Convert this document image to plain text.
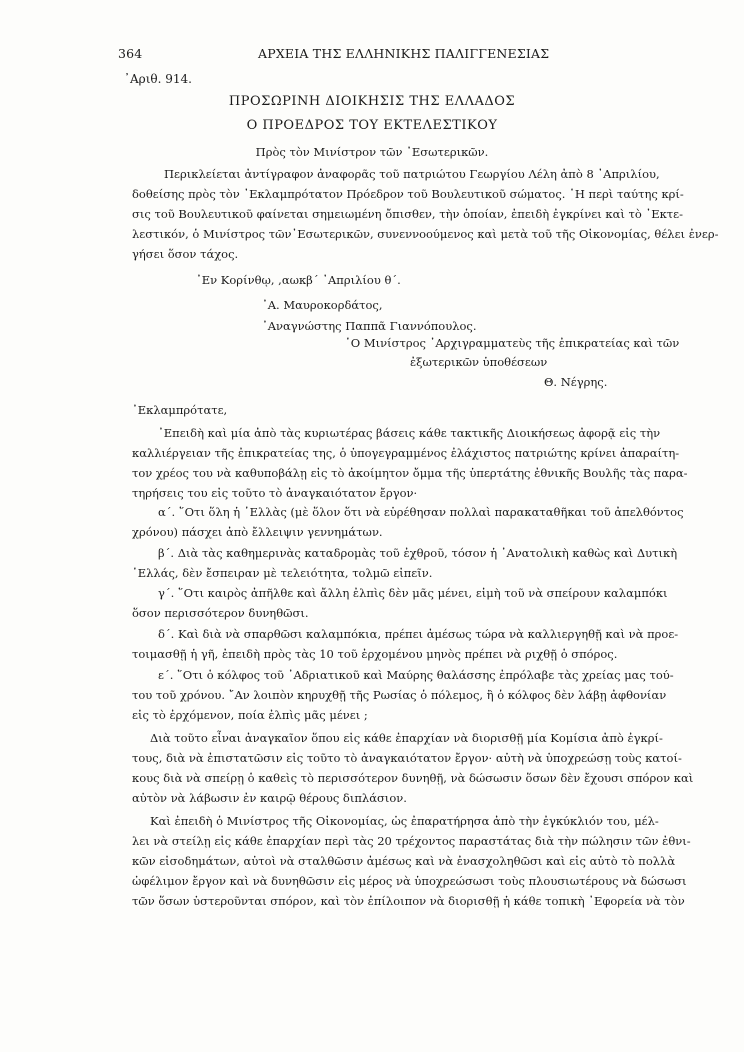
364	ΑΡΧΕΙΑ ΤΗΣ ΕΛΛΗΝΙΚΗΣ ΠΑΛΙΓΓΕΝΕΣΙΑΣ
᾿Αριθ. 914.
ΠΡΟΣΩΡΙΝΗ ΔΙΟΙΚΗΣΙΣ ΤΗΣ ΕΛΛΑΔΟΣ
Ο ΠΡΟΕΔΡΟΣ ΤΟΥ ΕΚΤΕΛΕΣΤΙΚΟΥ
Πρὸς τὸν Μινίστρον τῶν ᾿Εσωτερικῶν.
Περικλείεται ἀντίγραφον ἀναφορᾶς τοῦ πατριώτου Γεωργίου Λέλη ἀπὸ 8 ᾿Απριλίου,
δοθείσης πρὸς τὸν ᾿Εκλαμπρότατον Πρόεδρον τοῦ Βουλευτικοῦ σώματος. ῾Η περὶ ταύτης κρί-
σις τοῦ Βουλευτικοῦ φαίνεται σημειωμένη ὄπισθεν, τὴν ὁποίαν, ἐπειδὴ ἐγκρίνει καὶ τὸ ᾿Εκτε-
λεστικόν, ὁ Μινίστρος τῶν᾿Εσωτερικῶν, συνεννοούμενος καὶ μετὰ τοῦ τῆς Οἰκονομίας, θέλει ἐνερ-
γήσει ὅσον τάχος.
᾿Εν Κορίνθῳ, ,αωκβ´ ᾿Απριλίου θ´.
᾿Α. Μαυροκορδάτος,
᾿Αναγνώστης Παππᾶ Γιαννόπουλος.
῾Ο Μινίστρος ᾿Αρχιγραμματεὺς τῆς ἐπικρατείας καὶ τῶν
ἐξωτερικῶν ὑποθέσεων
Θ. Νέγρης.
᾿Εκλαμπρότατε,
᾿Επειδὴ καὶ μία ἀπὸ τὰς κυριωτέρας βάσεις κάθε τακτικῆς Διοικήσεως ἀφορᾷ εἰς τὴν
καλλιέργειαν τῆς ἐπικρατείας της, ὁ ὑπογεγραμμένος ἐλάχιστος πατριώτης κρίνει ἀπαραίτη-
τον χρέος του νὰ καθυποβάλῃ εἰς τὸ ἀκοίμητον ὄμμα τῆς ὑπερτάτης ἐθνικῆς Βουλῆς τὰς παρα-
τηρήσεις του εἰς τοῦτο τὸ ἀναγκαιότατον ἔργον·
α´. ῞Οτι ὅλη ἡ ῾Ελλὰς (μὲ ὅλον ὅτι νὰ εὑρέθησαν πολλαὶ παρακαταθῆκαι τοῦ ἀπελθόντος
χρόνου) πάσχει ἀπὸ ἔλλειψιν γεννημάτων.
β´. Διὰ τὰς καθημερινὰς καταδρομὰς τοῦ ἐχθροῦ, τόσον ἡ ᾿Ανατολικὴ καθὼς καὶ Δυτικὴ
῾Ελλάς, δὲν ἔσπειραν μὲ τελειότητα, τολμῶ εἰπεῖν.
γ´. ῞Οτι καιρὸς ἀπῆλθε καὶ ἄλλη ἐλπὶς δὲν μᾶς μένει, εἰμὴ τοῦ νὰ σπείρουν καλαμπόκι
ὅσον περισσότερον δυνηθῶσι.
δ´. Καὶ διὰ νὰ σπαρθῶσι καλαμπόκια, πρέπει ἀμέσως τώρα νὰ καλλιεργηθῇ καὶ νὰ προε-
τοιμασθῇ ἡ γῆ, ἐπειδὴ πρὸς τὰς 10 τοῦ ἐρχομένου μηνὸς πρέπει νὰ ριχθῇ ὁ σπόρος.
ε´. ῞Οτι ὁ κόλφος τοῦ ᾿Αδριατικοῦ καὶ Μαύρης θαλάσσης ἐπρόλαβε τὰς χρείας μας τού-
του τοῦ χρόνου. ῎Αν λοιπὸν κηρυχθῇ τῆς Ρωσίας ὁ πόλεμος, ἢ ὁ κόλφος δὲν λάβῃ ἀφθονίαν
εἰς τὸ ἐρχόμενον, ποία ἐλπὶς μᾶς μένει ;
Διὰ τοῦτο εἶναι ἀναγκαῖον ὅπου εἰς κάθε ἐπαρχίαν νὰ διορισθῇ μία Κομίσια ἀπὸ ἐγκρί-
τους, διὰ νὰ ἐπιστατῶσιν εἰς τοῦτο τὸ ἀναγκαιότατον ἔργον· αὐτὴ νὰ ὑποχρεώσῃ τοὺς κατοί-
κους διὰ νὰ σπείρῃ ὁ καθεὶς τὸ περισσότερον δυνηθῇ, νὰ δώσωσιν ὅσων δὲν ἔχουσι σπόρον καὶ
αὐτὸν νὰ λάβωσιν ἐν καιρῷ θέρους διπλάσιον.
Καὶ ἐπειδὴ ὁ Μινίστρος τῆς Οἰκονομίας, ὡς ἐπαρατήρησα ἀπὸ τὴν ἐγκύκλιόν του, μέλ-
λει νὰ στείλῃ εἰς κάθε ἐπαρχίαν περὶ τὰς 20 τρέχοντος παραστάτας διὰ τὴν πώλησιν τῶν ἐθνι-
κῶν εἰσοδημάτων, αὐτοὶ νὰ σταλθῶσιν ἀμέσως καὶ νὰ ἐνασχοληθῶσι καὶ εἰς αὐτὸ τὸ πολλὰ
ὠφέλιμον ἔργον καὶ νὰ δυνηθῶσιν εἰς μέρος νὰ ὑποχρεώσωσι τοὺς πλουσιωτέρους νὰ δώσωσι
τῶν ὅσων ὑστεροῦνται σπόρον, καὶ τὸν ἐπίλοιπον νὰ διορισθῇ ἡ κάθε τοπικὴ ᾿Εφορεία νὰ τὸν
